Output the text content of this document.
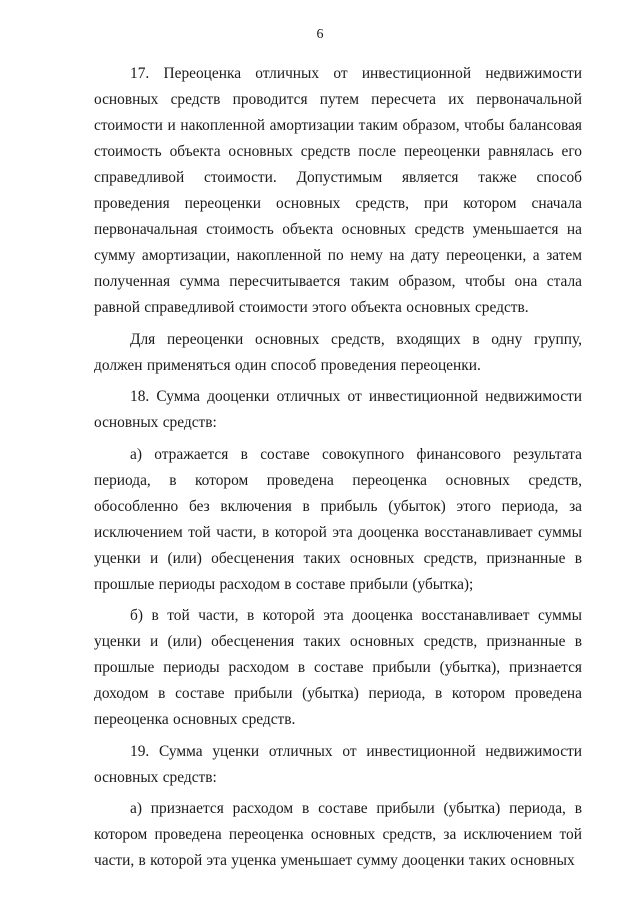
6

17. Переоценка отличных от инвестиционной недвижимости основных средств проводится путем пересчета их первоначальной стоимости и накопленной амортизации таким образом, чтобы балансовая стоимость объекта основных средств после переоценки равнялась его справедливой стоимости. Допустимым является также способ проведения переоценки основных средств, при котором сначала первоначальная стоимость объекта основных средств уменьшается на сумму амортизации, накопленной по нему на дату переоценки, а затем полученная сумма пересчитывается таким образом, чтобы она стала равной справедливой стоимости этого объекта основных средств.

Для переоценки основных средств, входящих в одну группу, должен применяться один способ проведения переоценки.

18. Сумма дооценки отличных от инвестиционной недвижимости основных средств:

а) отражается в составе совокупного финансового результата периода, в котором проведена переоценка основных средств, обособленно без включения в прибыль (убыток) этого периода, за исключением той части, в которой эта дооценка восстанавливает суммы уценки и (или) обесценения таких основных средств, признанные в прошлые периоды расходом в составе прибыли (убытка);

б) в той части, в которой эта дооценка восстанавливает суммы уценки и (или) обесценения таких основных средств, признанные в прошлые периоды расходом в составе прибыли (убытка), признается доходом в составе прибыли (убытка) периода, в котором проведена переоценка основных средств.

19. Сумма уценки отличных от инвестиционной недвижимости основных средств:

а) признается расходом в составе прибыли (убытка) периода, в котором проведена переоценка основных средств, за исключением той части, в которой эта уценка уменьшает сумму дооценки таких основных
